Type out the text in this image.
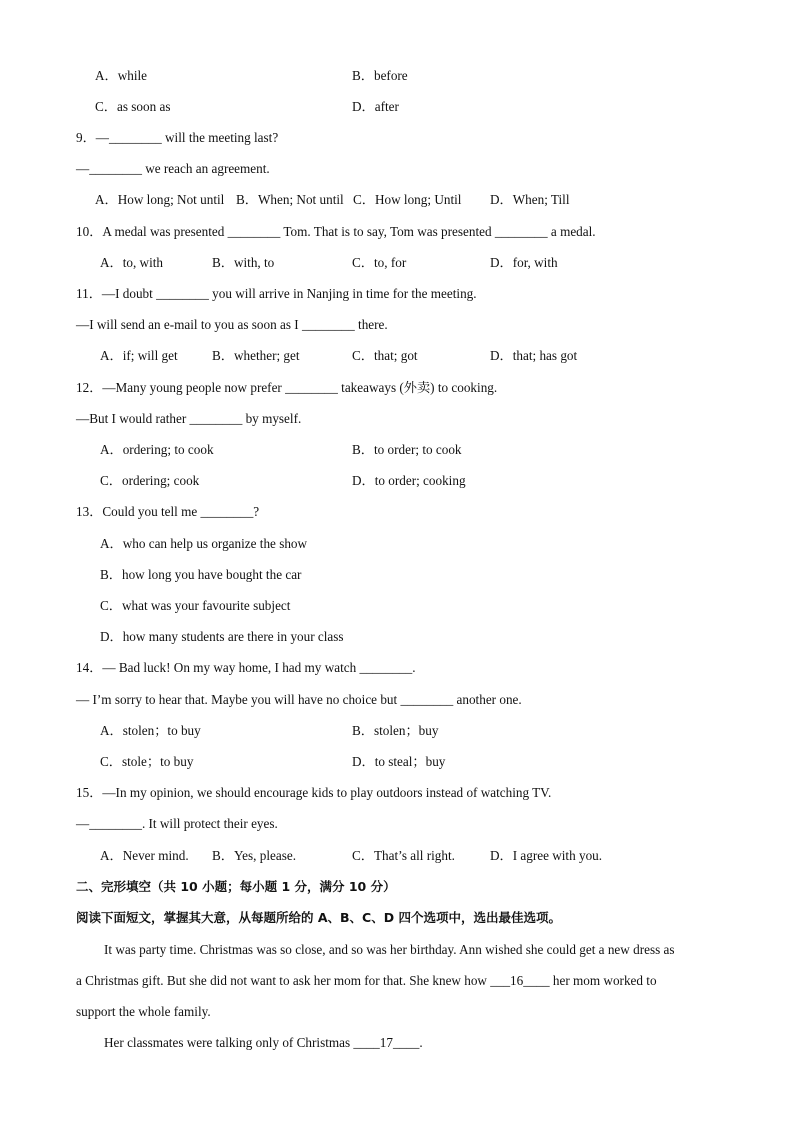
A．while	B．before
C．as soon as	D．after
9．—________ will the meeting last?
—________ we reach an agreement.
A．How long; Not until B．When; Not until C．How long; Until D．When; Till
10．A medal was presented ________ Tom. That is to say, Tom was presented ________ a medal.
A．to, with	B．with, to	C．to, for	D．for, with
11．—I doubt ________ you will arrive in Nanjing in time for the meeting.
—I will send an e-mail to you as soon as I ________ there.
A．if; will get	B．whether; get	C．that; got	D．that; has got
12．—Many young people now prefer ________ takeaways (外卖) to cooking.
—But I would rather ________ by myself.
A．ordering; to cook	B．to order; to cook
C．ordering; cook	D．to order; cooking
13．Could you tell me ________?
A．who can help us organize the show
B．how long you have bought the car
C．what was your favourite subject
D．how many students are there in your class
14．— Bad luck! On my way home, I had my watch ________.
— I’m sorry to hear that. Maybe you will have no choice but ________ another one.
A．stolen；to buy	B．stolen；buy
C．stole；to buy	D．to steal；buy
15．—In my opinion, we should encourage kids to play outdoors instead of watching TV.
—________. It will protect their eyes.
A．Never mind. B．Yes, please.	C．That’s all right.	D．I agree with you.
二、完形填空（共 10 小题；每小题 1 分，满分 10 分）
阅读下面短文，掌握其大意，从每题所给的 A、B、C、D 四个选项中，选出最佳选项。
It was party time. Christmas was so close, and so was her birthday. Ann wished she could get a new dress as
a Christmas gift. But she did not want to ask her mom for that. She knew how ___16____ her mom worked to
support the whole family.
Her classmates were talking only of Christmas ____17____.
